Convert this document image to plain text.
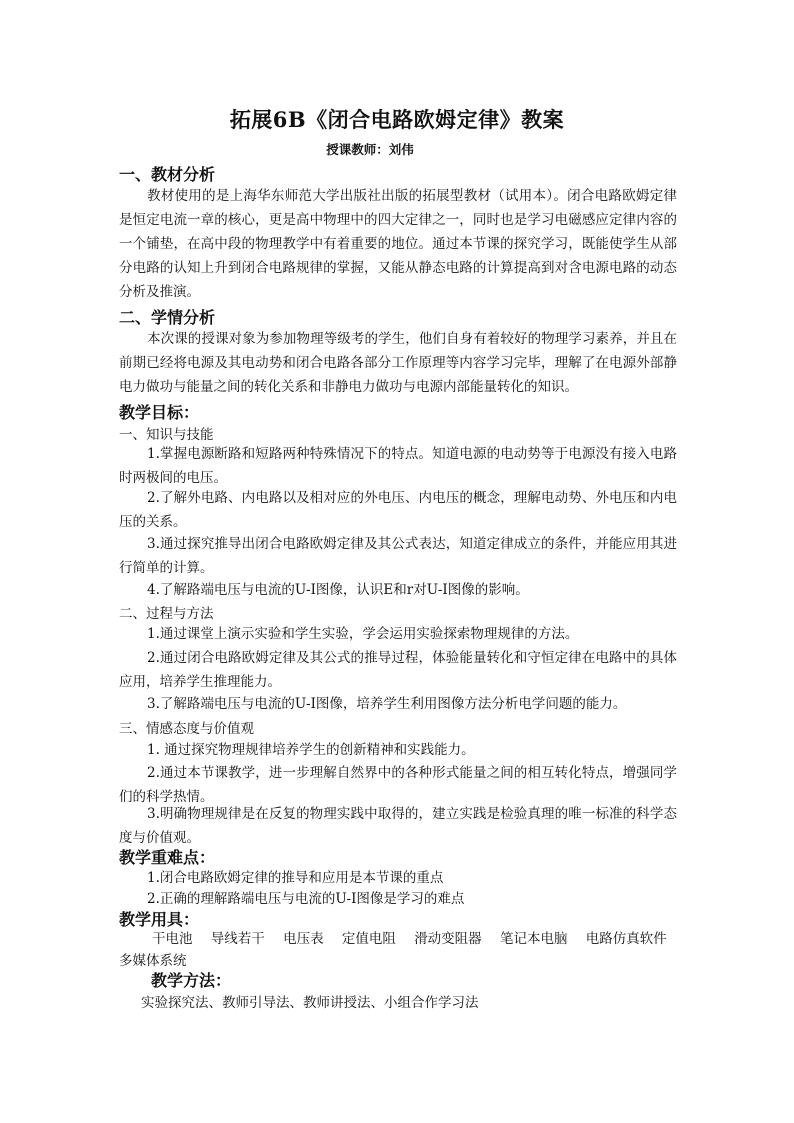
拓展6B《闭合电路欧姆定律》教案
授课教师：刘伟
一、教材分析
教材使用的是上海华东师范大学出版社出版的拓展型教材（试用本）。闭合电路欧姆定律是恒定电流一章的核心，更是高中物理中的四大定律之一，同时也是学习电磁感应定律内容的一个铺垫，在高中段的物理教学中有着重要的地位。通过本节课的探究学习，既能使学生从部分电路的认知上升到闭合电路规律的掌握，又能从静态电路的计算提高到对含电源电路的动态分析及推演。
二、学情分析
本次课的授课对象为参加物理等级考的学生，他们自身有着较好的物理学习素养，并且在前期已经将电源及其电动势和闭合电路各部分工作原理等内容学习完毕，理解了在电源外部静电力做功与能量之间的转化关系和非静电力做功与电源内部能量转化的知识。
教学目标：
一、知识与技能
1.掌握电源断路和短路两种特殊情况下的特点。知道电源的电动势等于电源没有接入电路时两极间的电压。
2.了解外电路、内电路以及相对应的外电压、内电压的概念，理解电动势、外电压和内电压的关系。
3.通过探究推导出闭合电路欧姆定律及其公式表达，知道定律成立的条件，并能应用其进行简单的计算。
4.了解路端电压与电流的U-I图像，认识E和r对U-I图像的影响。
二、过程与方法
1.通过课堂上演示实验和学生实验，学会运用实验探索物理规律的方法。
2.通过闭合电路欧姆定律及其公式的推导过程，体验能量转化和守恒定律在电路中的具体应用，培养学生推理能力。
3.了解路端电压与电流的U-I图像，培养学生利用图像方法分析电学问题的能力。
三、情感态度与价值观
1. 通过探究物理规律培养学生的创新精神和实践能力。
2.通过本节课教学，进一步理解自然界中的各种形式能量之间的相互转化特点，增强同学们的科学热情。
3.明确物理规律是在反复的物理实践中取得的，建立实践是检验真理的唯一标准的科学态度与价值观。
教学重难点：
1.闭合电路欧姆定律的推导和应用是本节课的重点
2.正确的理解路端电压与电流的U-I图像是学习的难点
教学用具：
干电池 导线若干 电压表 定值电阻 滑动变阻器 笔记本电脑 电路仿真软件
多媒体系统
教学方法：
实验探究法、教师引导法、教师讲授法、小组合作学习法
